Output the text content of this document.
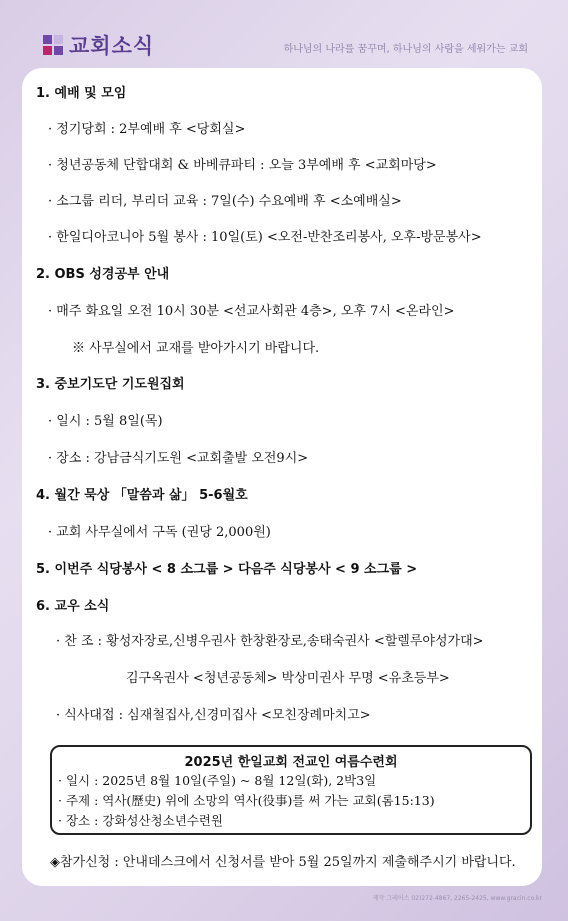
교회소식	하나님의 나라를 꿈꾸며, 하나님의 사람을 세워가는 교회
1. 예배 및 모임
· 정기당회 : 2부예배 후 <당회실>
· 청년공동체 단합대회 & 바베큐파티 : 오늘 3부예배 후 <교회마당>
· 소그룹 리더, 부리더 교육 : 7일(수) 수요예배 후 <소예배실>
· 한일디아코니아 5월 봉사 : 10일(토) <오전-반찬조리봉사, 오후-방문봉사>
2. OBS 성경공부 안내
· 매주 화요일 오전 10시 30분 <선교사회관 4층>, 오후 7시 <온라인>
※ 사무실에서 교재를 받아가시기 바랍니다.
3. 중보기도단 기도원집회
· 일시 : 5월 8일(목)
· 장소 : 강남금식기도원 <교회출발 오전9시>
4. 월간 묵상 「말씀과 삶」 5-6월호
· 교회 사무실에서 구독 (권당 2,000원)
5. 이번주 식당봉사 < 8 소그룹 > 다음주 식당봉사 < 9 소그룹 >
6. 교우 소식
· 찬 조 : 황성자장로,신병우권사 한창환장로,송태숙권사 <할렐루야성가대>
김구옥권사 <청년공동체> 박상미권사 무명 <유초등부>
· 식사대접 : 심재철집사,신경미집사 <모친장례마치고>
2025년 한일교회 전교인 여름수련회
· 일시 : 2025년 8월 10일(주일) ~ 8월 12일(화), 2박3일
· 주제 : 역사(歷史) 위에 소망의 역사(役事)를 써 가는 교회(롬15:13)
· 장소 : 강화성산청소년수련원
◈참가신청 : 안내데스크에서 신청서를 받아 5월 25일까지 제출해주시기 바랍니다.
제작 그레이스 02)272-4867, 2265-2425, www.gracin.co.kr
